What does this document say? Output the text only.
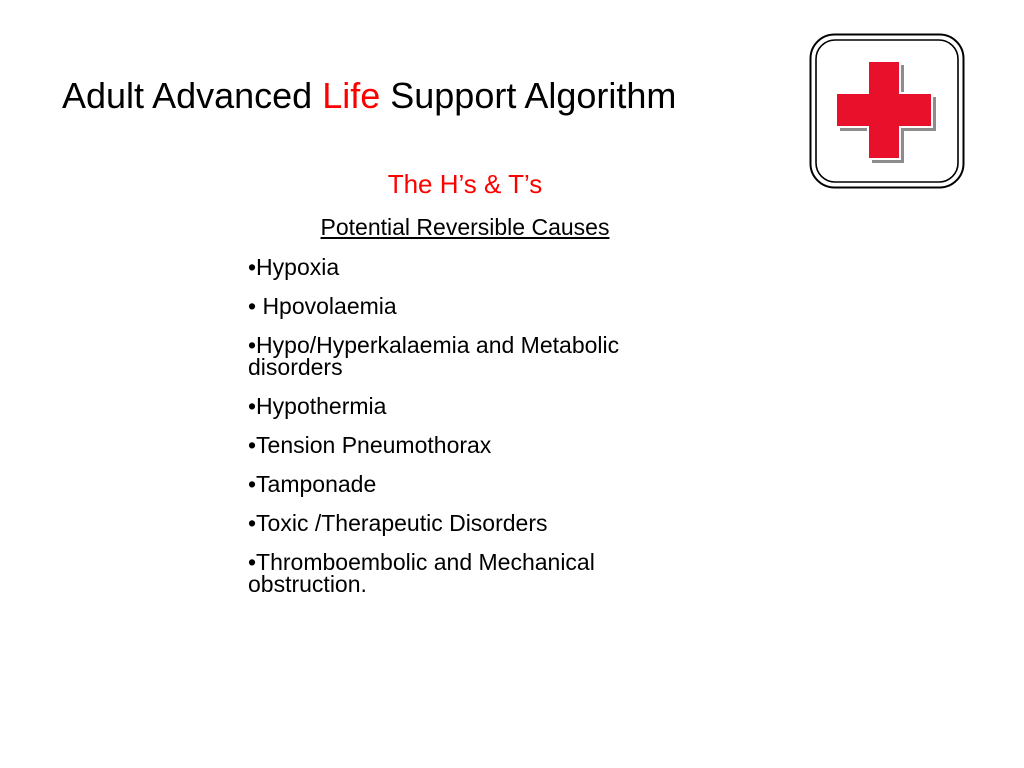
Adult Advanced Life Support Algorithm

The H’s & T’s

Potential Reversible Causes

•Hypoxia
• Hpovolaemia
•Hypo/Hyperkalaemia and Metabolic disorders
•Hypothermia
•Tension Pneumothorax
•Tamponade
•Toxic /Therapeutic Disorders
•Thromboembolic and Mechanical obstruction.
